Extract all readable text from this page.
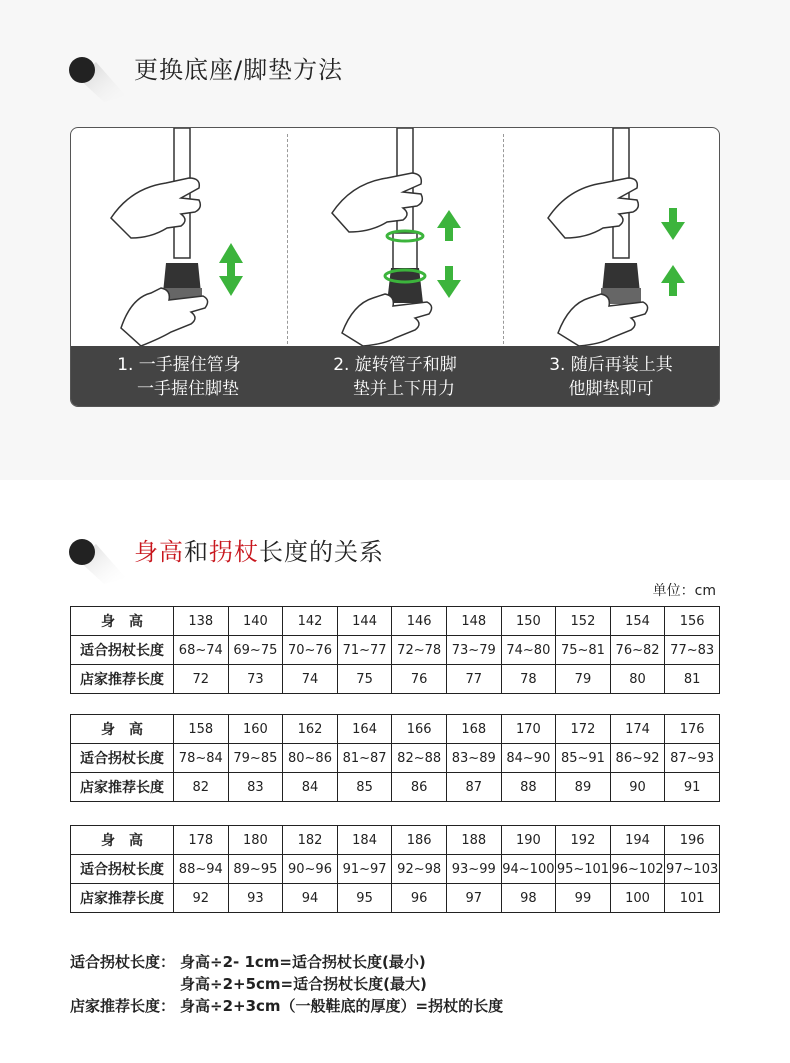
更换底座/脚垫方法
1. 一手握住管身
一手握住脚垫
2. 旋转管子和脚
垫并上下用力
3. 随后再装上其
他脚垫即可
身高和拐杖长度的关系
单位：cm
身　高	138	140	142	144	146	148	150	152	154	156
适合拐杖长度	68~74	69~75	70~76	71~77	72~78	73~79	74~80	75~81	76~82	77~83
店家推荐长度	72	73	74	75	76	77	78	79	80	81
身　高	158	160	162	164	166	168	170	172	174	176
适合拐杖长度	78~84	79~85	80~86	81~87	82~88	83~89	84~90	85~91	86~92	87~93
店家推荐长度	82	83	84	85	86	87	88	89	90	91
身　高	178	180	182	184	186	188	190	192	194	196
适合拐杖长度	88~94	89~95	90~96	91~97	92~98	93~99	94~100	95~101	96~102	97~103
店家推荐长度	92	93	94	95	96	97	98	99	100	101
适合拐杖长度： 身高÷2- 1cm=适合拐杖长度(最小)
身高÷2+5cm=适合拐杖长度(最大)
店家推荐长度： 身高÷2+3cm（一般鞋底的厚度）=拐杖的长度
